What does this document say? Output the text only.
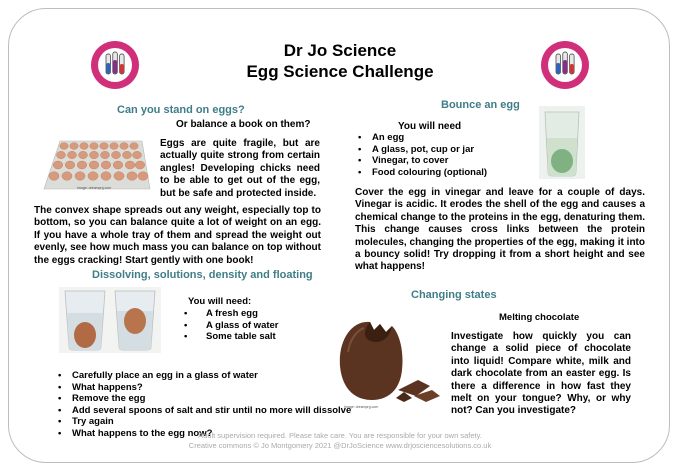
Dr Jo Science
Egg Science Challenge
Can you stand on eggs?
Or balance a book on them?
Image: dreamprg.com
Eggs are quite fragile, but are actually quite strong from certain angles! Developing chicks need to be able to get out of the egg, but be safe and protected inside.
The convex shape spreads out any weight, especially top to bottom, so you can balance quite a lot of weight on an egg. If you have a whole tray of them and spread the weight out evenly, see how much mass you can balance on top without the eggs cracking! Start gently with one book!
Dissolving, solutions, density and floating
You will need:
• A fresh egg
• A glass of water
• Some table salt
• Carefully place an egg in a glass of water
• What happens?
• Remove the egg
• Add several spoons of salt and stir until no more will dissolve
• Try again
• What happens to the egg now?
Bounce an egg
You will need
• An egg
• A glass, pot, cup or jar
• Vinegar, to cover
• Food colouring (optional)
Cover the egg in vinegar and leave for a couple of days. Vinegar is acidic. It erodes the shell of the egg and causes a chemical change to the proteins in the egg, denaturing them. This change causes cross links between the protein molecules, changing the properties of the egg, making it into a bouncy solid! Try dropping it from a short height and see what happens!
Changing states
Melting chocolate
Image: dreamprg.com
Investigate how quickly you can change a solid piece of chocolate into liquid! Compare white, milk and dark chocolate from an easter egg. Is there a difference in how fast they melt on your tongue? Why, or why not? Can you investigate?
Adult supervision required. Please take care. You are responsible for your own safety.
Creative commons © Jo Montgomery 2021 @DrJoScience www.drjosciencesolutions.co.uk
